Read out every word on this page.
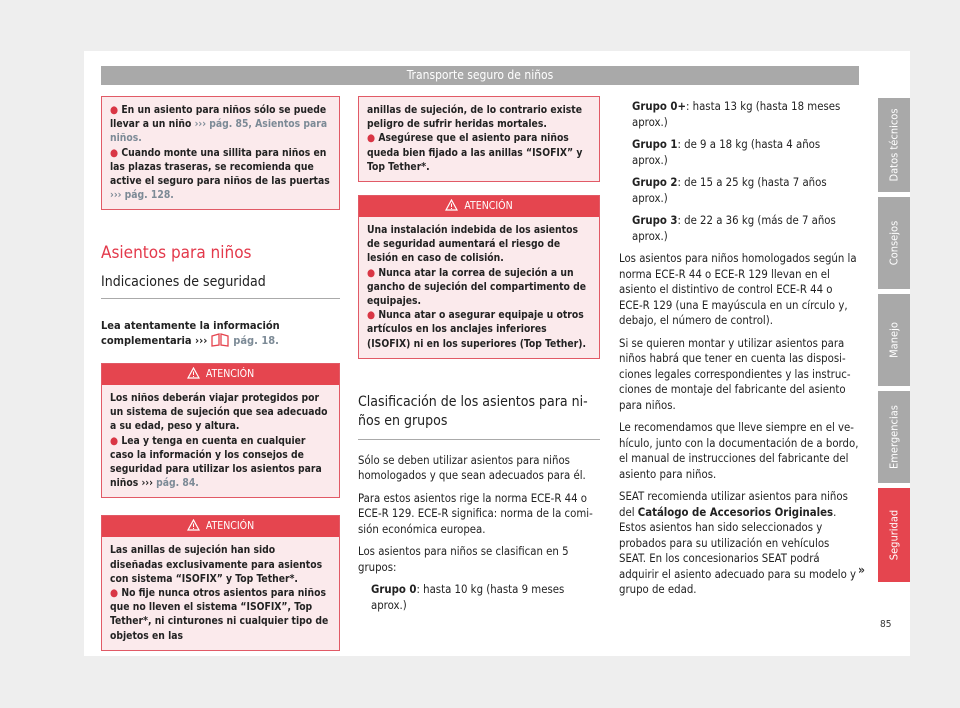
Transporte seguro de niños

● En un asiento para niños sólo se puede llevar a un niño ››› pág. 85, Asientos para niños.

● Cuando monte una sillita para niños en las plazas traseras, se recomienda que active el seguro para niños de las puertas ››› pág. 128.

Asientos para niños
Indicaciones de seguridad

Lea atentamente la información complementaria ››› pág. 18.

ATENCIÓN

Los niños deberán viajar protegidos por un sistema de sujeción que sea adecuado a su edad, peso y altura.

● Lea y tenga en cuenta en cualquier caso la información y los consejos de seguridad para utilizar los asientos para niños ››› pág. 84.

ATENCIÓN

Las anillas de sujeción han sido diseñadas exclusivamente para asientos con sistema “ISOFIX” y Top Tether*.

● No fije nunca otros asientos para niños que no lleven el sistema “ISOFIX”, Top Tether*, ni cinturones ni cualquier tipo de objetos en las

anillas de sujeción, de lo contrario existe peligro de sufrir heridas mortales.

● Asegúrese que el asiento para niños queda bien fijado a las anillas “ISOFIX” y Top Tether*.

ATENCIÓN

Una instalación indebida de los asientos de seguridad aumentará el riesgo de lesión en caso de colisión.

● Nunca atar la correa de sujeción a un gancho de sujeción del compartimento de equipajes.

● Nunca atar o asegurar equipaje u otros artículos en los anclajes inferiores (ISOFIX) ni en los superiores (Top Tether).

Clasificación de los asientos para niños en grupos

Sólo se deben utilizar asientos para niños homologados y que sean adecuados para él.

Para estos asientos rige la norma ECE-R 44 o ECE-R 129. ECE-R significa: norma de la comisión económica europea.

Los asientos para niños se clasifican en 5 grupos:

Grupo 0: hasta 10 kg (hasta 9 meses aprox.)

Grupo 0+: hasta 13 kg (hasta 18 meses aprox.)

Grupo 1: de 9 a 18 kg (hasta 4 años aprox.)

Grupo 2: de 15 a 25 kg (hasta 7 años aprox.)

Grupo 3: de 22 a 36 kg (más de 7 años aprox.)

Los asientos para niños homologados según la norma ECE-R 44 o ECE-R 129 llevan en el asiento el distintivo de control ECE-R 44 o ECE-R 129 (una E mayúscula en un círculo y, debajo, el número de control).

Si se quieren montar y utilizar asientos para niños habrá que tener en cuenta las disposiciones legales correspondientes y las instrucciones de montaje del fabricante del asiento para niños.

Le recomendamos que lleve siempre en el vehículo, junto con la documentación de a bordo, el manual de instrucciones del fabricante del asiento para niños.

SEAT recomienda utilizar asientos para niños del Catálogo de Accesorios Originales. Estos asientos han sido seleccionados y probados para su utilización en vehículos SEAT. En los concesionarios SEAT podrá adquirir el asiento adecuado para su modelo y grupo de edad.

»
Datos técnicos
Consejos
Manejo
Emergencias
Seguridad
85
